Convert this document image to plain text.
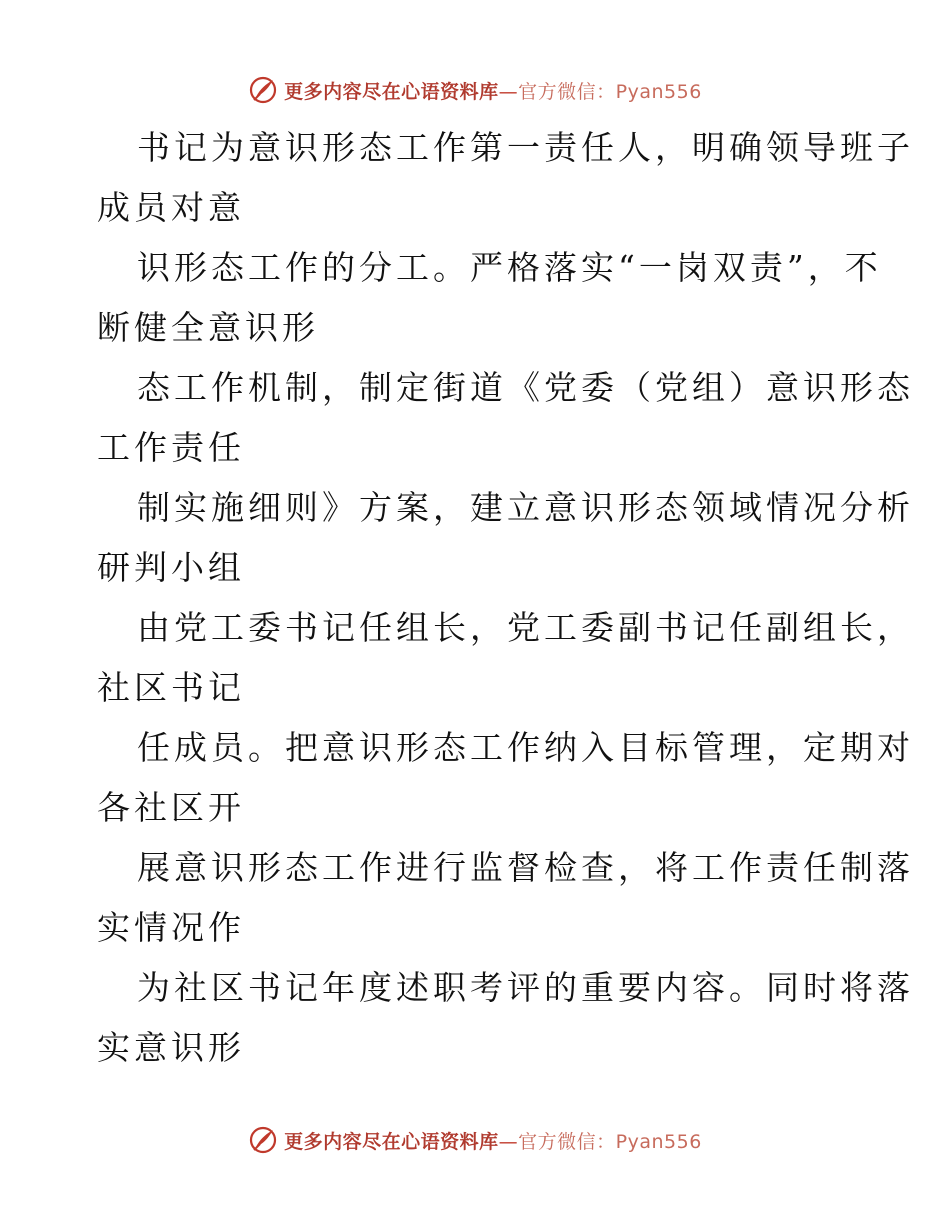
更多内容尽在心语资料库—官方微信：Pyan556

书记为意识形态工作第一责任人，明确领导班子

成员对意

识形态工作的分工。严格落实“一岗双责”，不

断健全意识形

态工作机制，制定街道《党委（党组）意识形态

工作责任

制实施细则》方案，建立意识形态领域情况分析

研判小组

由党工委书记任组长，党工委副书记任副组长，

社区书记

任成员。把意识形态工作纳入目标管理，定期对

各社区开

展意识形态工作进行监督检查，将工作责任制落

实情况作

为社区书记年度述职考评的重要内容。同时将落

实意识形

更多内容尽在心语资料库—官方微信：Pyan556
